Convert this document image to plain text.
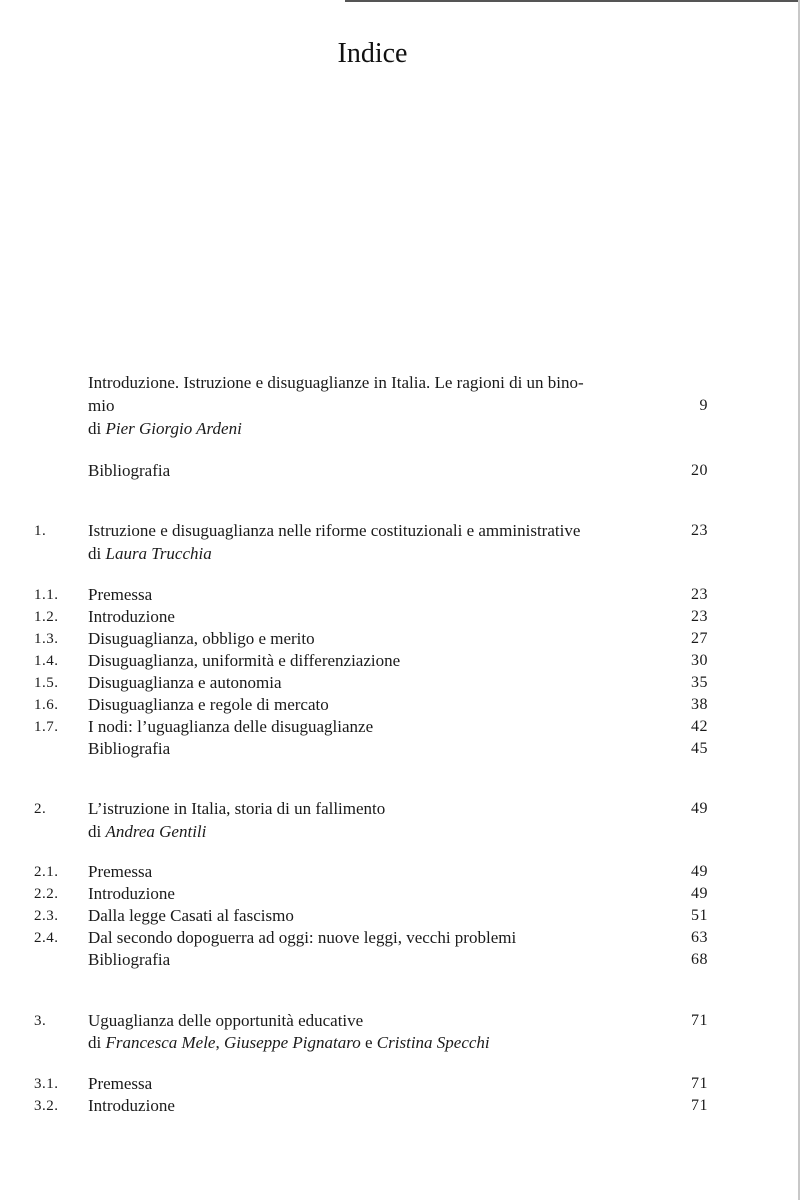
Indice
Introduzione. Istruzione e disuguaglianze in Italia. Le ragioni di un bino-
mio	9
di Pier Giorgio Ardeni
Bibliografia	20
1. Istruzione e disuguaglianza nelle riforme costituzionali e amministrative	23
di Laura Trucchia
1.1. Premessa	23
1.2. Introduzione	23
1.3. Disuguaglianza, obbligo e merito	27
1.4. Disuguaglianza, uniformità e differenziazione	30
1.5. Disuguaglianza e autonomia	35
1.6. Disuguaglianza e regole di mercato	38
1.7. I nodi: l’uguaglianza delle disuguaglianze	42
Bibliografia	45
2. L’istruzione in Italia, storia di un fallimento	49
di Andrea Gentili
2.1. Premessa	49
2.2. Introduzione	49
2.3. Dalla legge Casati al fascismo	51
2.4. Dal secondo dopoguerra ad oggi: nuove leggi, vecchi problemi	63
Bibliografia	68
3. Uguaglianza delle opportunità educative	71
di Francesca Mele, Giuseppe Pignataro e Cristina Specchi
3.1. Premessa	71
3.2. Introduzione	71
